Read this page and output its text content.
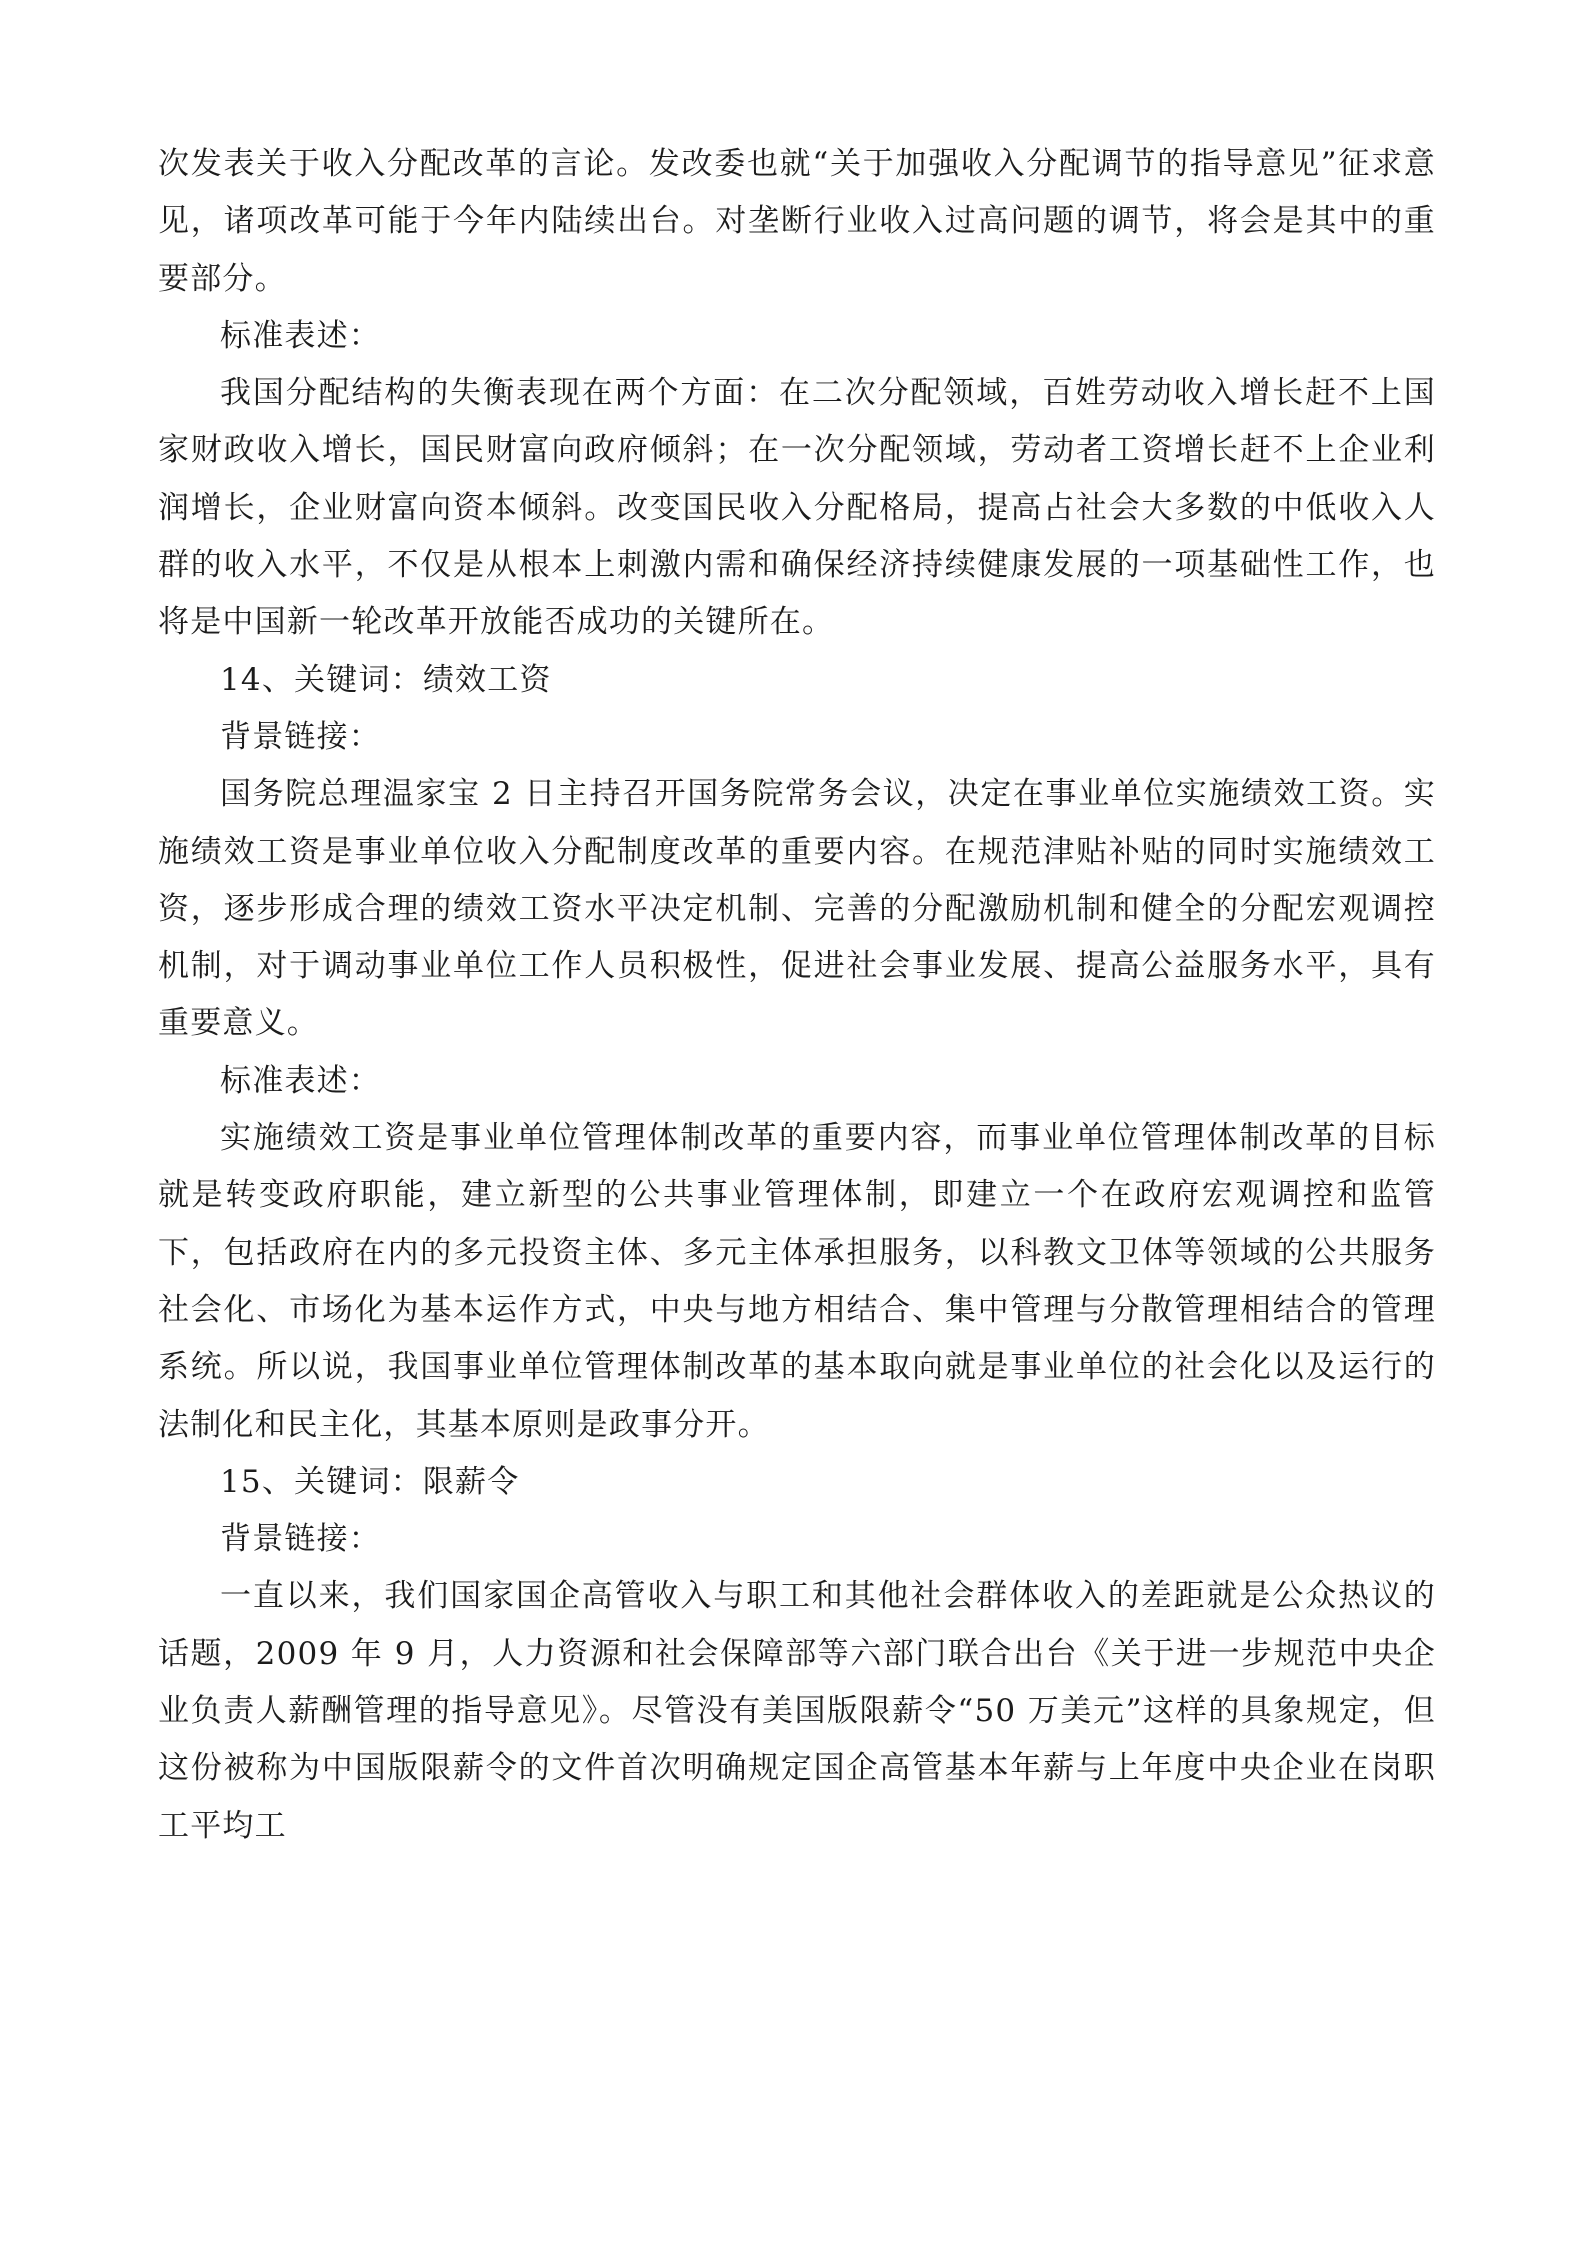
次发表关于收入分配改革的言论。发改委也就“关于加强收入分配调节的指导意见”征求意见，诸项改革可能于今年内陆续出台。对垄断行业收入过高问题的调节，将会是其中的重要部分。

标准表述：

我国分配结构的失衡表现在两个方面：在二次分配领域，百姓劳动收入增长赶不上国家财政收入增长，国民财富向政府倾斜；在一次分配领域，劳动者工资增长赶不上企业利润增长，企业财富向资本倾斜。改变国民收入分配格局，提高占社会大多数的中低收入人群的收入水平，不仅是从根本上刺激内需和确保经济持续健康发展的一项基础性工作，也将是中国新一轮改革开放能否成功的关键所在。

14、关键词：绩效工资

背景链接：

国务院总理温家宝 2 日主持召开国务院常务会议，决定在事业单位实施绩效工资。实施绩效工资是事业单位收入分配制度改革的重要内容。在规范津贴补贴的同时实施绩效工资，逐步形成合理的绩效工资水平决定机制、完善的分配激励机制和健全的分配宏观调控机制，对于调动事业单位工作人员积极性，促进社会事业发展、提高公益服务水平，具有重要意义。

标准表述：

实施绩效工资是事业单位管理体制改革的重要内容，而事业单位管理体制改革的目标就是转变政府职能，建立新型的公共事业管理体制，即建立一个在政府宏观调控和监管下，包括政府在内的多元投资主体、多元主体承担服务，以科教文卫体等领域的公共服务社会化、市场化为基本运作方式，中央与地方相结合、集中管理与分散管理相结合的管理系统。所以说，我国事业单位管理体制改革的基本取向就是事业单位的社会化以及运行的法制化和民主化，其基本原则是政事分开。

15、关键词：限薪令

背景链接：

一直以来，我们国家国企高管收入与职工和其他社会群体收入的差距就是公众热议的话题，2009 年 9 月，人力资源和社会保障部等六部门联合出台《关于进一步规范中央企业负责人薪酬管理的指导意见》。尽管没有美国版限薪令“50 万美元”这样的具象规定，但这份被称为中国版限薪令的文件首次明确规定国企高管基本年薪与上年度中央企业在岗职工平均工
